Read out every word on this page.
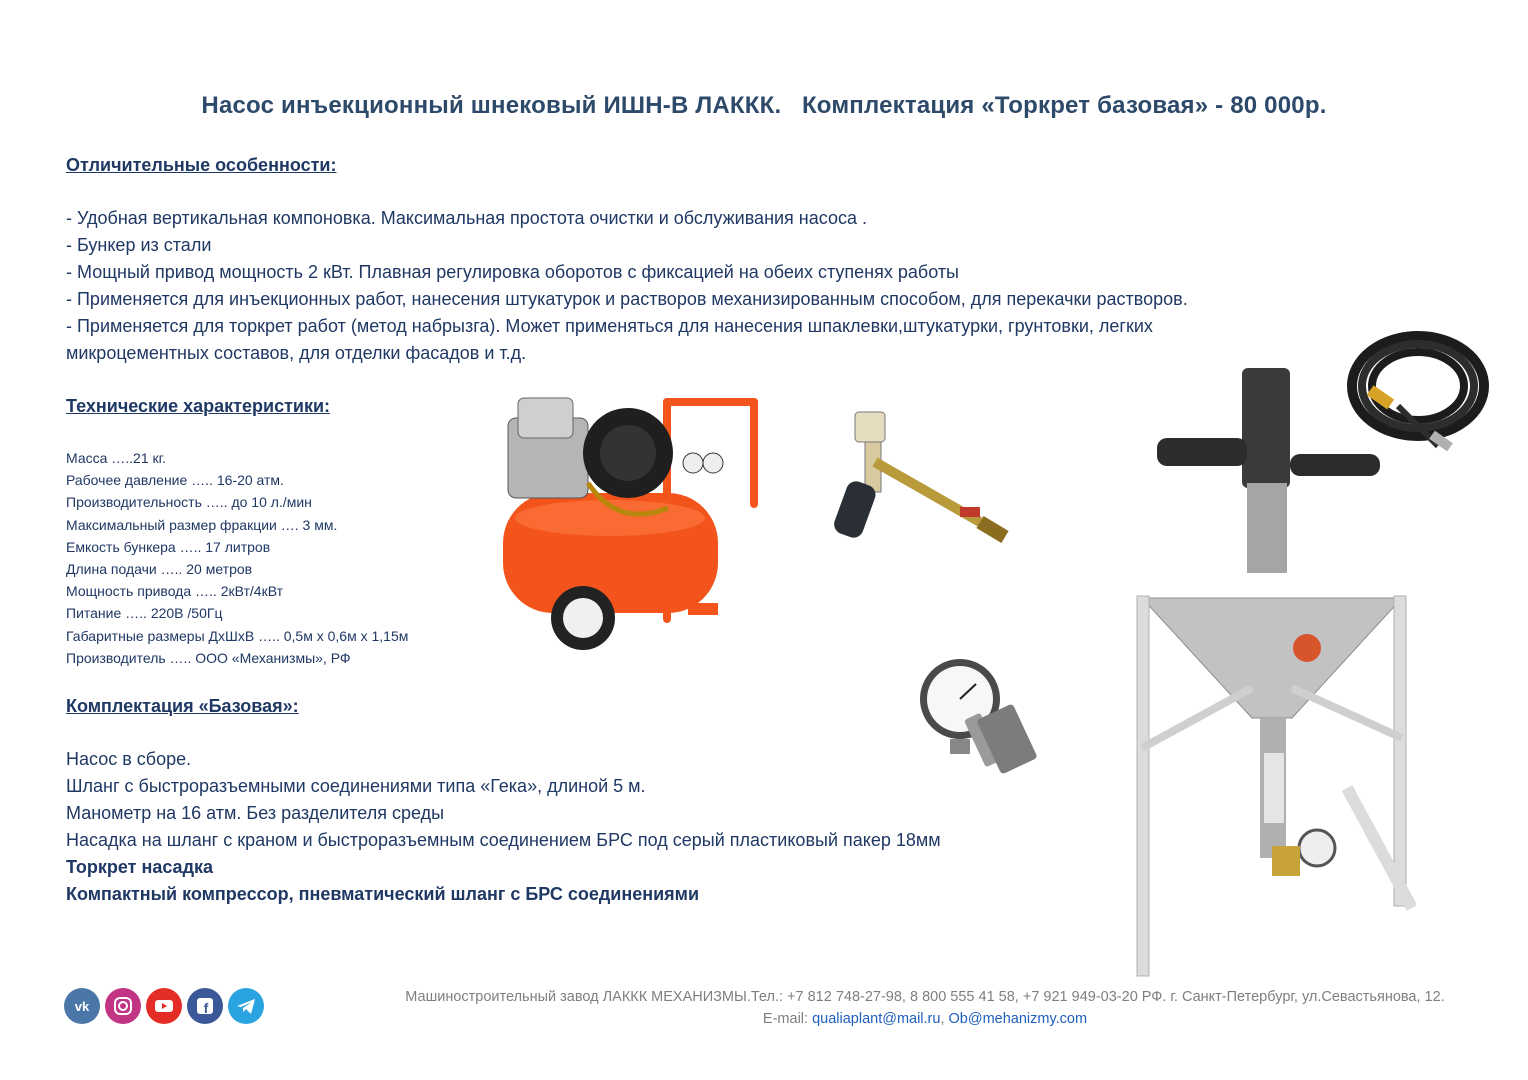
Насос инъекционный шнековый ИШН-В ЛАККК.   Комплектация «Торкрет базовая» - 80 000р.
Отличительные особенности:
- Удобная вертикальная компоновка. Максимальная простота очистки и обслуживания насоса .
- Бункер из стали
- Мощный привод мощность 2 кВт. Плавная регулировка оборотов с фиксацией на обеих ступенях работы
- Применяется для инъекционных работ, нанесения штукатурок и растворов механизированным способом, для перекачки растворов.
- Применяется для торкрет работ (метод набрызга). Может применяться для нанесения шпаклевки,штукатурки, грунтовки, легких
микроцементных составов, для отделки фасадов и т.д.
Технические характеристики:
Масса …..21 кг.
Рабочее давление ….. 16-20 атм.
Производительность ….. до 10 л./мин
Максимальный размер фракции …. 3 мм.
Емкость бункера ….. 17 литров
Длина подачи ….. 20 метров
Мощность привода ….. 2кВт/4кВт
Питание ….. 220В /50Гц
Габаритные размеры ДхШхВ ….. 0,5м х 0,6м х 1,15м
Производитель ….. ООО «Механизмы», РФ
Комплектация «Базовая»:
Насос в сборе.
Шланг с быстроразъемными соединениями типа «Гека», длиной 5 м.
Манометр на 16 атм. Без разделителя среды
Насадка на шланг с краном и быстроразъемным соединением БРС под серый пластиковый пакер 18мм
Торкрет насадка
Компактный компрессор, пневматический шланг с БРС соединениями
vk	f
Машиностроительный завод ЛАККК МЕХАНИЗМЫ.Тел.: +7 812 748-27-98, 8 800 555 41 58, +7 921 949-03-20 РФ. г. Санкт-Петербург, ул.Севастьянова, 12.
E-mail: qualiaplant@mail.ru, Ob@mehanizmy.com
